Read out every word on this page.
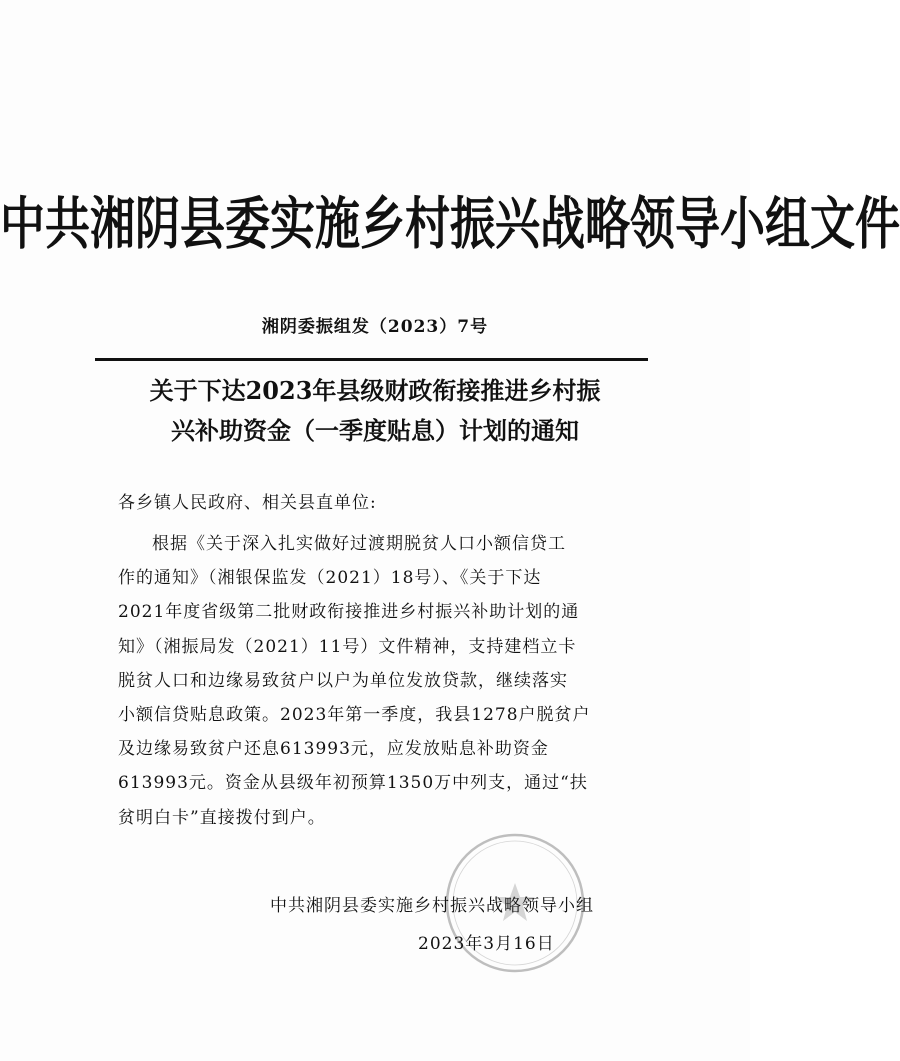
中共湘阴县委实施乡村振兴战略领导小组文件
湘阴委振组发（2023）7号
关于下达2023年县级财政衔接推进乡村振
兴补助资金（一季度贴息）计划的通知
各乡镇人民政府、相关县直单位:
根据《关于深入扎实做好过渡期脱贫人口小额信贷工
作的通知》（湘银保监发（2021）18号）、《关于下达
2021年度省级第二批财政衔接推进乡村振兴补助计划的通
知》（湘振局发（2021）11号）文件精神，支持建档立卡
脱贫人口和边缘易致贫户以户为单位发放贷款，继续落实
小额信贷贴息政策。2023年第一季度，我县1278户脱贫户
及边缘易致贫户还息613993元，应发放贴息补助资金
613993元。资金从县级年初预算1350万中列支，通过“扶
贫明白卡”直接拨付到户。
中共湘阴县委实施乡村振兴战略领导小组
2023年3月16日
